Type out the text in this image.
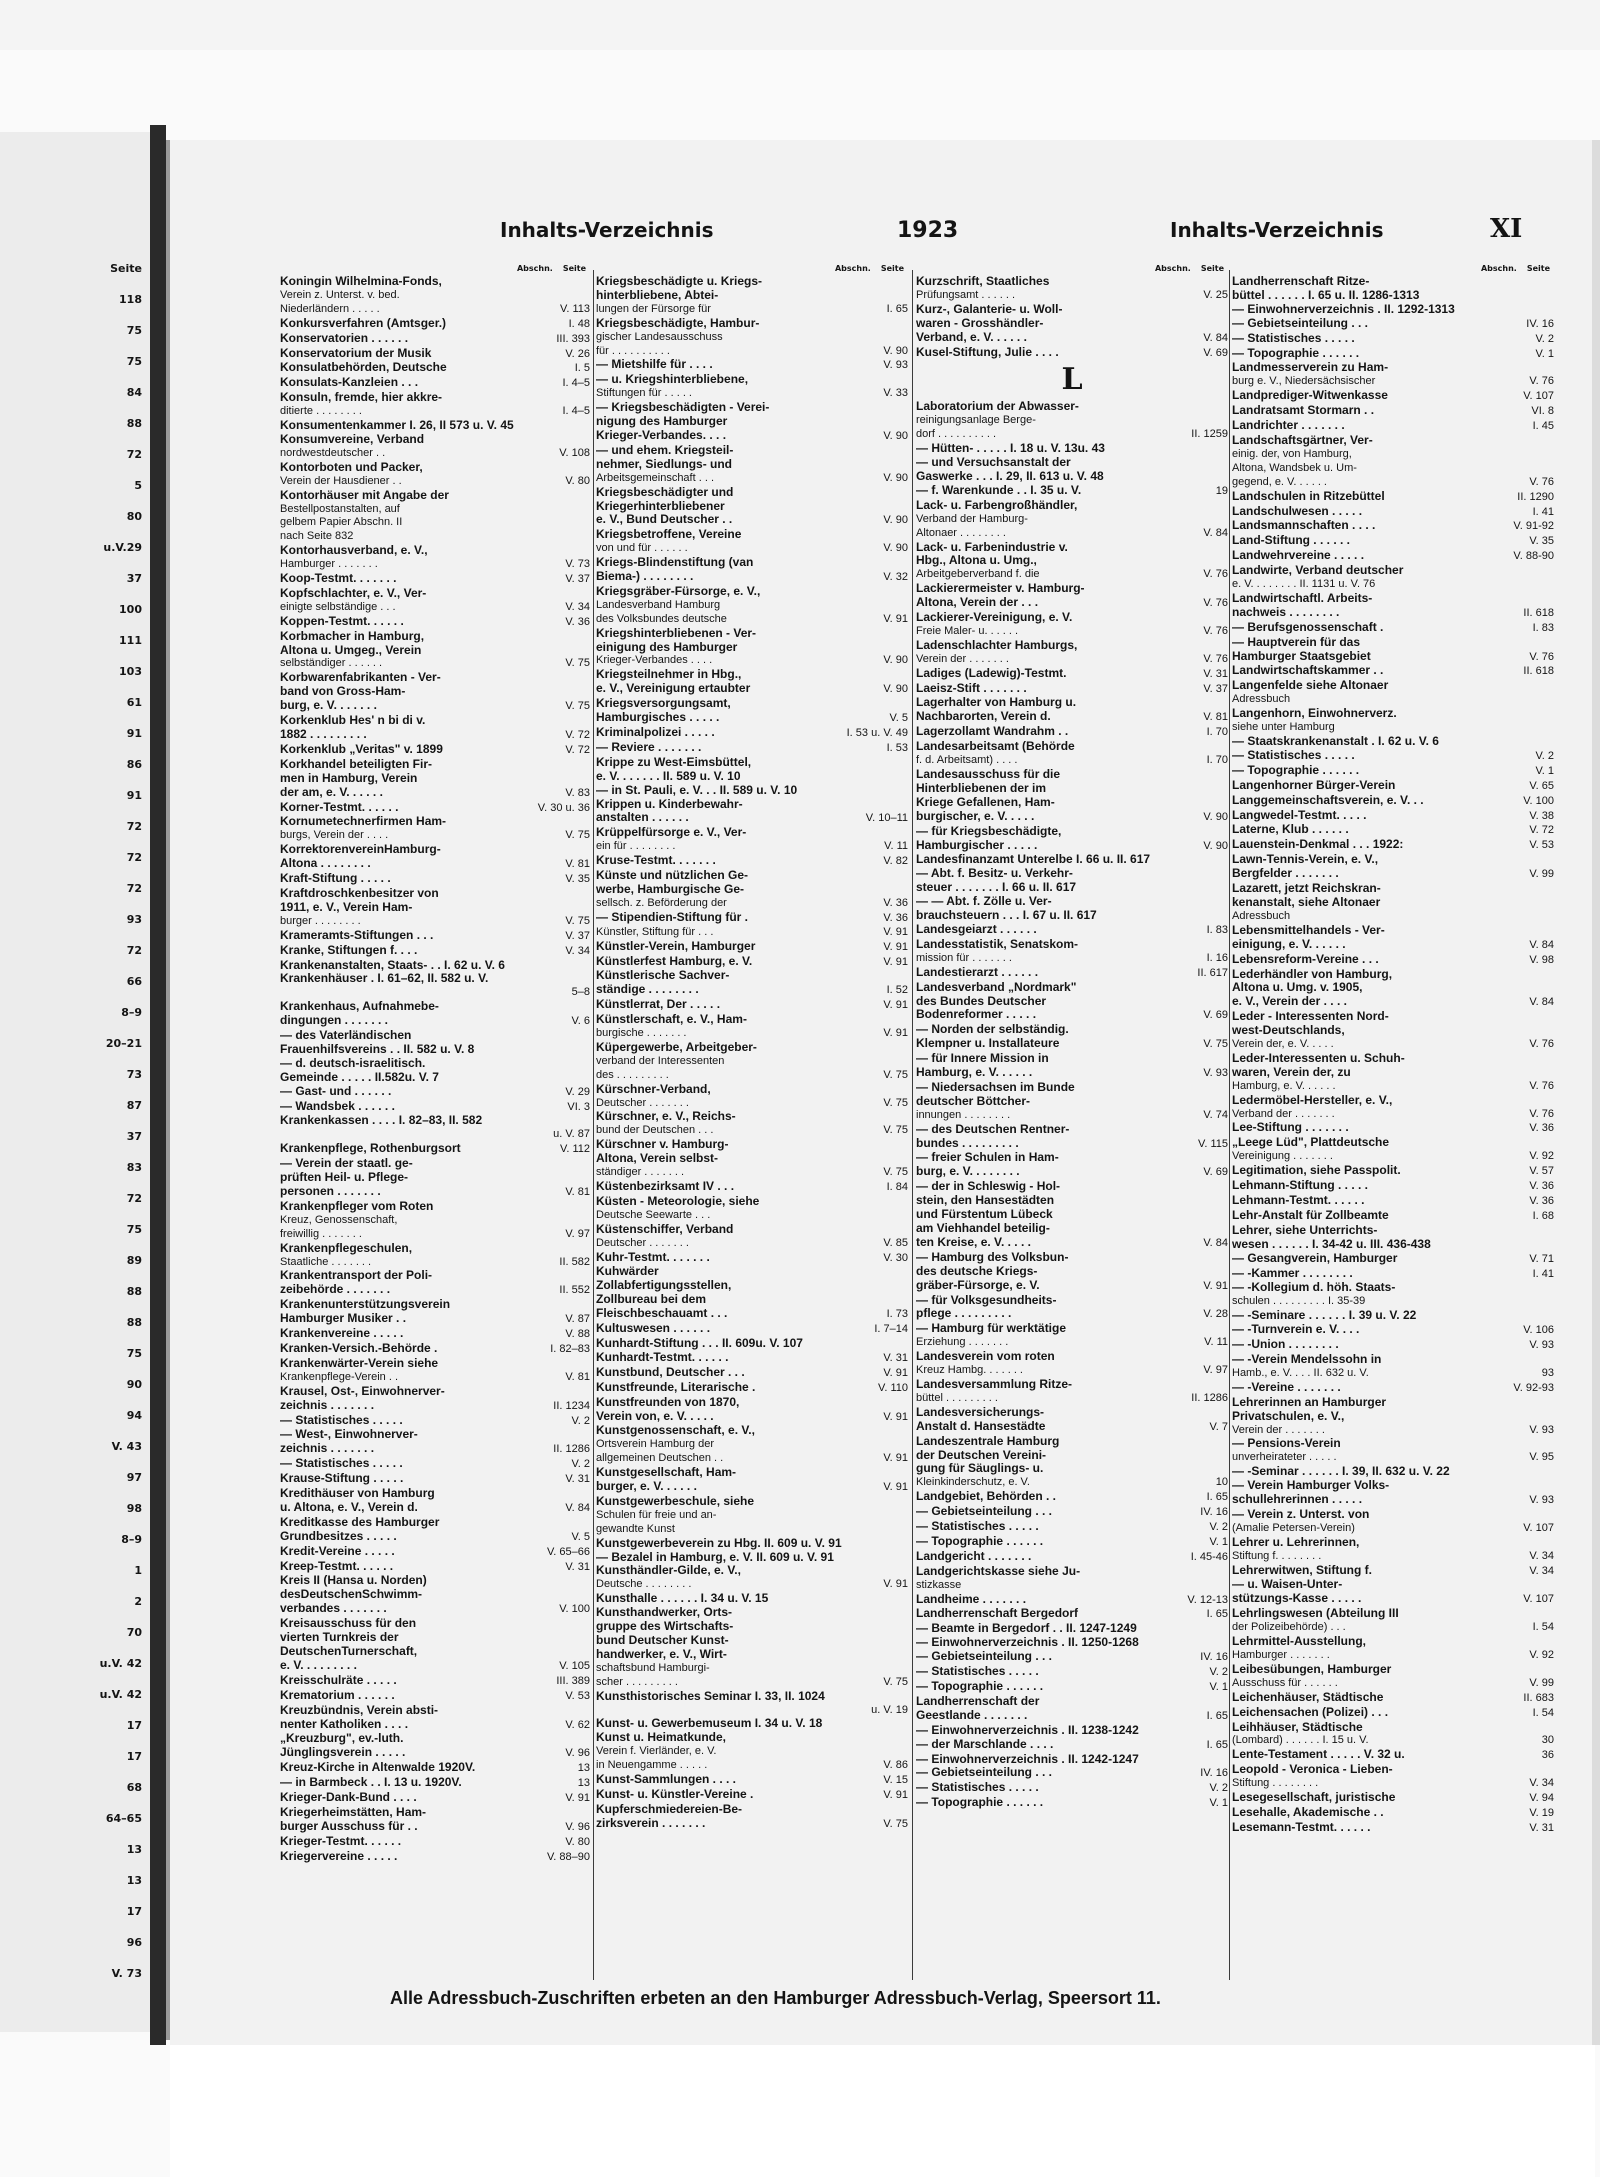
Seite
118
75
75
84
88
72
5
80
u.V.29
37
100
111
103
61
91
86
91
72
72
72
93
72
66
8–9
20–21
73
87
37
83
72
75
89
88
88
75
90
94
V. 43
97
98
8–9
1
2
70
u.V. 42
u.V. 42
17
17
68
64–65
13
13
17
96
V. 73
Inhalts-Verzeichnis	1923	Inhalts-Verzeichnis	XI
Abschn. Seite
Koningin Wilhelmina-Fonds,
Verein z. Unterst. v. bed.
Niederländern . . . . .	V. 113
Konkursverfahren (Amtsger.)	I. 48
Konservatorien . . . . . .	III. 393
Konservatorium der Musik	V. 26
Konsulatbehörden, Deutsche	I. 5
Konsulats-Kanzleien . . .	I. 4–5
Konsuln, fremde, hier akkre-
ditierte . . . . . . . .	I. 4–5
Konsumentenkammer I. 26, II 573 u. V. 45
Konsumvereine, Verband
nordwestdeutscher . .	V. 108
Kontorboten und Packer,
Verein der Hausdiener . .	V. 80
Kontorhäuser mit Angabe der
Bestellpostanstalten, auf
gelbem Papier Abschn. II
nach Seite 832
Kontorhausverband, e. V.,
Hamburger . . . . . . .	V. 73
Koop-Testmt. . . . . . .	V. 37
Kopfschlachter, e. V., Ver-
einigte selbständige . . .	V. 34
Koppen-Testmt. . . . . .	V. 36
Korbmacher in Hamburg,
Altona u. Umgeg., Verein
selbständiger . . . . . .	V. 75
Korbwarenfabrikanten - Ver-
band von Gross-Ham-
burg, e. V. . . . . . .	V. 75
Korkenklub Hes' n bi di v.
1882 . . . . . . . . .	V. 72
Korkenklub „Veritas" v. 1899	V. 72
Korkhandel beteiligten Fir-
men in Hamburg, Verein
der am, e. V. . . . . .	V. 83
Korner-Testmt. . . . . .	V. 30 u. 36
Kornumetechnerfirmen Ham-
burgs, Verein der . . . .	V. 75
KorrektorenvereinHamburg-
Altona . . . . . . . .	V. 81
Kraft-Stiftung . . . . .	V. 35
Kraftdroschkenbesitzer von
1911, e. V., Verein Ham-
burger . . . . . . . .	V. 75
Krameramts-Stiftungen . . .	V. 37
Kranke, Stiftungen f. . . .	V. 34
Krankenanstalten, Staats- . . I. 62 u. V. 6
Krankenhäuser . I. 61–62, II. 582 u. V.
5–8
Krankenhaus, Aufnahmebe-
dingungen . . . . . . .	V. 6
— des Vaterländischen
Frauenhilfsvereins . . II. 582 u. V. 8
— d. deutsch-israelitisch.
Gemeinde . . . . . II.582u. V. 7
— Gast- und . . . . . .	V. 29
— Wandsbek . . . . . .	VI. 3
Krankenkassen . . . . I. 82–83, II. 582
u. V. 87
Krankenpflege, Rothenburgsort	V. 112
— Verein der staatl. ge-
prüften Heil- u. Pflege-
personen . . . . . . .	V. 81
Krankenpfleger vom Roten
Kreuz, Genossenschaft,
freiwillig . . . . . . .	V. 97
Krankenpflegeschulen,
Staatliche . . . . . . .	II. 582
Krankentransport der Poli-
zeibehörde . . . . . . .	II. 552
Krankenunterstützungsverein
Hamburger Musiker . .	V. 87
Krankenvereine . . . . .	V. 88
Kranken-Versich.-Behörde .	I. 82–83
Krankenwärter-Verein siehe
Krankenpflege-Verein . .	V. 81
Krausel, Ost-, Einwohnerver-
zeichnis . . . . . . .	II. 1234
— Statistisches . . . . .	V. 2
— West-, Einwohnerver-
zeichnis . . . . . . .	II. 1286
— Statistisches . . . . .	V. 2
Krause-Stiftung . . . . .	V. 31
Kredithäuser von Hamburg
u. Altona, e. V., Verein d.	V. 84
Kreditkasse des Hamburger
Grundbesitzes . . . . .	V. 5
Kredit-Vereine . . . . .	V. 65–66
Kreep-Testmt. . . . . .	V. 31
Kreis II (Hansa u. Norden)
desDeutschenSchwimm-
verbandes . . . . . . .	V. 100
Kreisausschuss für den
vierten Turnkreis der
DeutschenTurnerschaft,
e. V. . . . . . . . .	V. 105
Kreisschulräte . . . . .	III. 389
Krematorium . . . . . .	V. 53
Kreuzbündnis, Verein absti-
nenter Katholiken . . . .	V. 62
„Kreuzburg", ev.-luth.
Jünglingsverein . . . . .	V. 96
Kreuz-Kirche in Altenwalde 1920V.	13
— in Barmbeck . . I. 13 u. 1920V.	13
Krieger-Dank-Bund . . . .	V. 91
Kriegerheimstätten, Ham-
burger Ausschuss für . .	V. 96
Krieger-Testmt. . . . . .	V. 80
Kriegervereine . . . . .	V. 88–90
Abschn. Seite
Kriegsbeschädigte u. Kriegs-
hinterbliebene, Abtei-
lungen der Fürsorge für	I. 65
Kriegsbeschädigte, Hambur-
gischer Landesausschuss
für . . . . . . . . . .	V. 90
— Mietshilfe für . . . .	V. 93
— u. Kriegshinterbliebene,
Stiftungen für . . . . .	V. 33
— Kriegsbeschädigten - Verei-
nigung des Hamburger
Krieger-Verbandes. . . .	V. 90
— und ehem. Kriegsteil-
nehmer, Siedlungs- und
Arbeitsgemeinschaft . . .	V. 90
Kriegsbeschädigter und
Kriegerhinterbliebener
e. V., Bund Deutscher . .	V. 90
Kriegsbetroffene, Vereine
von und für . . . . . .	V. 90
Kriegs-Blindenstiftung (van
Biema-) . . . . . . . .	V. 32
Kriegsgräber-Fürsorge, e. V.,
Landesverband Hamburg
des Volksbundes deutsche	V. 91
Kriegshinterbliebenen - Ver-
einigung des Hamburger
Krieger-Verbandes . . . .	V. 90
Kriegsteilnehmer in Hbg.,
e. V., Vereinigung ertaubter	V. 90
Kriegsversorgungsamt,
Hamburgisches . . . . .	V. 5
Kriminalpolizei . . . . .	I. 53 u. V. 49
— Reviere . . . . . . .	I. 53
Krippe zu West-Eimsbüttel,
e. V. . . . . . . II. 589 u. V. 10
— in St. Pauli, e. V. . . II. 589 u. V. 10
Krippen u. Kinderbewahr-
anstalten . . . . . .	V. 10–11
Krüppelfürsorge e. V., Ver-
ein für . . . . . . . .	V. 11
Kruse-Testmt. . . . . . .	V. 82
Künste und nützlichen Ge-
werbe, Hamburgische Ge-
sellsch. z. Beförderung der	V. 36
— Stipendien-Stiftung für .	V. 36
Künstler, Stiftung für . . .	V. 91
Künstler-Verein, Hamburger	V. 91
Künstlerfest Hamburg, e. V.	V. 91
Künstlerische Sachver-
ständige . . . . . . . .	I. 52
Künstlerrat, Der . . . . .	V. 91
Künstlerschaft, e. V., Ham-
burgische . . . . . . .	V. 91
Küpergewerbe, Arbeitgeber-
verband der Interessenten
des . . . . . . . . .	V. 75
Kürschner-Verband,
Deutscher . . . . . . .	V. 75
Kürschner, e. V., Reichs-
bund der Deutschen . . .	V. 75
Kürschner v. Hamburg-
Altona, Verein selbst-
ständiger . . . . . . .	V. 75
Küstenbezirksamt IV . . .	I. 84
Küsten - Meteorologie, siehe
Deutsche Seewarte . . .
Küstenschiffer, Verband
Deutscher . . . . . . .	V. 85
Kuhr-Testmt. . . . . . .	V. 30
Kuhwärder
Zollabfertigungsstellen,
Zollbureau bei dem
Fleischbeschauamt . . .	I. 73
Kultuswesen . . . . . .	I. 7–14
Kunhardt-Stiftung . . . II. 609u. V. 107
Kunhardt-Testmt. . . . . .	V. 31
Kunstbund, Deutscher . . .	V. 91
Kunstfreunde, Literarische .	V. 110
Kunstfreunden von 1870,
Verein von, e. V. . . . .	V. 91
Kunstgenossenschaft, e. V.,
Ortsverein Hamburg der
allgemeinen Deutschen . .	V. 91
Kunstgesellschaft, Ham-
burger, e. V. . . . . .	V. 91
Kunstgewerbeschule, siehe
Schulen für freie und an-
gewandte Kunst
Kunstgewerbeverein zu Hbg. II. 609 u. V. 91
— Bezalel in Hamburg, e. V. II. 609 u. V. 91
Kunsthändler-Gilde, e. V.,
Deutsche . . . . . . . .	V. 91
Kunsthalle . . . . . . I. 34 u. V. 15
Kunsthandwerker, Orts-
gruppe des Wirtschafts-
bund Deutscher Kunst-
handwerker, e. V., Wirt-
schaftsbund Hamburgi-
scher . . . . . . . . .	V. 75
Kunsthistorisches Seminar I. 33, II. 1024
u. V. 19
Kunst- u. Gewerbemuseum I. 34 u. V. 18
Kunst u. Heimatkunde,
Verein f. Vierländer, e. V.
in Neuengamme . . . . .	V. 86
Kunst-Sammlungen . . . .	V. 15
Kunst- u. Künstler-Vereine .	V. 91
Kupferschmiedereien-Be-
zirksverein . . . . . . .	V. 75
Abschn. Seite
Kurzschrift, Staatliches
Prüfungsamt . . . . . .	V. 25
Kurz-, Galanterie- u. Woll-
waren - Grosshändler-
Verband, e. V. . . . . .	V. 84
Kusel-Stiftung, Julie . . . .	V. 69
L
Laboratorium der Abwasser-
reinigungsanlage Berge-
dorf . . . . . . . . . .	II. 1259
— Hütten- . . . . . I. 18 u. V. 13u. 43
— und Versuchsanstalt der
Gaswerke . . . I. 29, II. 613 u. V. 48
— f. Warenkunde . . I. 35 u. V.	19
Lack- u. Farbengroßhändler,
Verband der Hamburg-
Altonaer . . . . . . . .	V. 84
Lack- u. Farbenindustrie v.
Hbg., Altona u. Umg.,
Arbeitgeberverband f. die	V. 76
Lackierermeister v. Hamburg-
Altona, Verein der . . .	V. 76
Lackierer-Vereinigung, e. V.
Freie Maler- u. . . . . .	V. 76
Ladenschlachter Hamburgs,
Verein der . . . . . . .	V. 76
Ladiges (Ladewig)-Testmt.	V. 31
Laeisz-Stift . . . . . . .	V. 37
Lagerhalter von Hamburg u.
Nachbarorten, Verein d.	V. 81
Lagerzollamt Wandrahm . .	I. 70
Landesarbeitsamt (Behörde
f. d. Arbeitsamt) . . . .	I. 70
Landesausschuss für die
Hinterbliebenen der im
Kriege Gefallenen, Ham-
burgischer, e. V. . . . .	V. 90
— für Kriegsbeschädigte,
Hamburgischer . . . . .	V. 90
Landesfinanzamt Unterelbe I. 66 u. II. 617
— Abt. f. Besitz- u. Verkehr-
steuer . . . . . . . I. 66 u. II. 617
— — Abt. f. Zölle u. Ver-
brauchsteuern . . . I. 67 u. II. 617
Landesgeiarzt . . . . . .	I. 83
Landesstatistik, Senatskom-
mission für . . . . . . .	I. 16
Landestierarzt . . . . . .	II. 617
Landesverband „Nordmark"
des Bundes Deutscher
Bodenreformer . . . . .	V. 69
— Norden der selbständig.
Klempner u. Installateure	V. 75
— für Innere Mission in
Hamburg, e. V. . . . . .	V. 93
— Niedersachsen im Bunde
deutscher Böttcher-
innungen . . . . . . . .	V. 74
— des Deutschen Rentner-
bundes . . . . . . . . .	V. 115
— freier Schulen in Ham-
burg, e. V. . . . . . . .	V. 69
— der in Schleswig - Hol-
stein, den Hansestädten
und Fürstentum Lübeck
am Viehhandel beteilig-
ten Kreise, e. V. . . . .	V. 84
— Hamburg des Volksbun-
des deutsche Kriegs-
gräber-Fürsorge, e. V.	V. 91
— für Volksgesundheits-
pflege . . . . . . . . .	V. 28
— Hamburg für werktätige
Erziehung . . . . . . .	V. 11
Landesverein vom roten
Kreuz Hambg. . . . . . .	V. 97
Landesversammlung Ritze-
büttel . . . . . . . . .	II. 1286
Landesversicherungs-
Anstalt d. Hansestädte	V. 7
Landeszentrale Hamburg
der Deutschen Vereini-
gung für Säuglings- u.
Kleinkinderschutz, e. V.	10
Landgebiet, Behörden . .	I. 65
— Gebietseinteilung . . .	IV. 16
— Statistisches . . . . .	V. 2
— Topographie . . . . . .	V. 1
Landgericht . . . . . . .	I. 45-46
Landgerichtskasse siehe Ju-
stizkasse
Landheime . . . . . . .	V. 12-13
Landherrenschaft Bergedorf	I. 65
— Beamte in Bergedorf . . II. 1247-1249
— Einwohnerverzeichnis . II. 1250-1268
— Gebietseinteilung . . .	IV. 16
— Statistisches . . . . .	V. 2
— Topographie . . . . . .	V. 1
Landherrenschaft der
Geestlande . . . . . . .	I. 65
— Einwohnerverzeichnis . II. 1238-1242
— der Marschlande . . . .	I. 65
— Einwohnerverzeichnis . II. 1242-1247
— Gebietseinteilung . . .	IV. 16
— Statistisches . . . . .	V. 2
— Topographie . . . . . .	V. 1
Abschn. Seite
Landherrenschaft Ritze-
büttel . . . . . . I. 65 u. II. 1286-1313
— Einwohnerverzeichnis . II. 1292-1313
— Gebietseinteilung . . .	IV. 16
— Statistisches . . . . .	V. 2
— Topographie . . . . . .	V. 1
Landmesserverein zu Ham-
burg e. V., Niedersächsischer	V. 76
Landprediger-Witwenkasse	V. 107
Landratsamt Stormarn . .	VI. 8
Landrichter . . . . . . .	I. 45
Landschaftsgärtner, Ver-
einig. der, von Hamburg,
Altona, Wandsbek u. Um-
gegend, e. V. . . . . .	V. 76
Landschulen in Ritzebüttel	II. 1290
Landschulwesen . . . . .	I. 41
Landsmannschaften . . . .	V. 91-92
Land-Stiftung . . . . . .	V. 35
Landwehrvereine . . . . .	V. 88-90
Landwirte, Verband deutscher
e. V. . . . . . . . II. 1131 u. V. 76
Landwirtschaftl. Arbeits-
nachweis . . . . . . . .	II. 618
— Berufsgenossenschaft .	I. 83
— Hauptverein für das
Hamburger Staatsgebiet	V. 76
Landwirtschaftskammer . .	II. 618
Langenfelde siehe Altonaer
Adressbuch
Langenhorn, Einwohnerverz.
siehe unter Hamburg
— Staatskrankenanstalt . I. 62 u. V. 6
— Statistisches . . . . .	V. 2
— Topographie . . . . . .	V. 1
Langenhorner Bürger-Verein	V. 65
Langgemeinschaftsverein, e. V. . .	V. 100
Langwedel-Testmt. . . . .	V. 38
Laterne, Klub . . . . . .	V. 72
Lauenstein-Denkmal . . . 1922:	V. 53
Lawn-Tennis-Verein, e. V.,
Bergfelder . . . . . . .	V. 99
Lazarett, jetzt Reichskran-
kenanstalt, siehe Altonaer
Adressbuch
Lebensmittelhandels - Ver-
einigung, e. V. . . . . .	V. 84
Lebensreform-Vereine . . .	V. 98
Lederhändler von Hamburg,
Altona u. Umg. v. 1905,
e. V., Verein der . . . .	V. 84
Leder - Interessenten Nord-
west-Deutschlands,
Verein der, e. V. . . . .	V. 76
Leder-Interessenten u. Schuh-
waren, Verein der, zu
Hamburg, e. V. . . . . .	V. 76
Ledermöbel-Hersteller, e. V.,
Verband der . . . . . . .	V. 76
Lee-Stiftung . . . . . . .	V. 36
„Leege Lüd", Plattdeutsche
Vereinigung . . . . . . .	V. 92
Legitimation, siehe Passpolit.	V. 57
Lehmann-Stiftung . . . . .	V. 36
Lehmann-Testmt. . . . . .	V. 36
Lehr-Anstalt für Zollbeamte	I. 68
Lehrer, siehe Unterrichts-
wesen . . . . . . I. 34-42 u. III. 436-438
— Gesangverein, Hamburger	V. 71
— -Kammer . . . . . . . .	I. 41
— -Kollegium d. höh. Staats-
schulen . . . . . . . . . I. 35-39
— -Seminare . . . . . . I. 39 u. V. 22
— -Turnverein e. V. . . .	V. 106
— -Union . . . . . . . .	V. 93
— -Verein Mendelssohn in
Hamb., e. V. . . . II. 632 u. V.	93
— -Vereine . . . . . . .	V. 92-93
Lehrerinnen an Hamburger
Privatschulen, e. V.,
Verein der . . . . . . .	V. 93
— Pensions-Verein
unverheirateter . . . . .	V. 95
— -Seminar . . . . . . I. 39, II. 632 u. V. 22
— Verein Hamburger Volks-
schullehrerinnen . . . . .	V. 93
— Verein z. Unterst. von
(Amalie Petersen-Verein)	V. 107
Lehrer u. Lehrerinnen,
Stiftung f. . . . . . . .	V. 34
Lehrerwitwen, Stiftung f.	V. 34
— u. Waisen-Unter-
stützungs-Kasse . . . . .	V. 107
Lehrlingswesen (Abteilung III
der Polizeibehörde) . . .	I. 54
Lehrmittel-Ausstellung,
Hamburger . . . . . . .	V. 92
Leibesübungen, Hamburger
Ausschuss für . . . . . .	V. 99
Leichenhäuser, Städtische	II. 683
Leichensachen (Polizei) . . .	I. 54
Leihhäuser, Städtische
(Lombard) . . . . . . I. 15 u. V.	30
Lente-Testament . . . . . V. 32 u.	36
Leopold - Veronica - Lieben-
Stiftung . . . . . . . .	V. 34
Lesegesellschaft, juristische	V. 94
Lesehalle, Akademische . .	V. 19
Lesemann-Testmt. . . . . .	V. 31
Alle Adressbuch-Zuschriften erbeten an den Hamburger Adressbuch-Verlag, Speersort 11.
